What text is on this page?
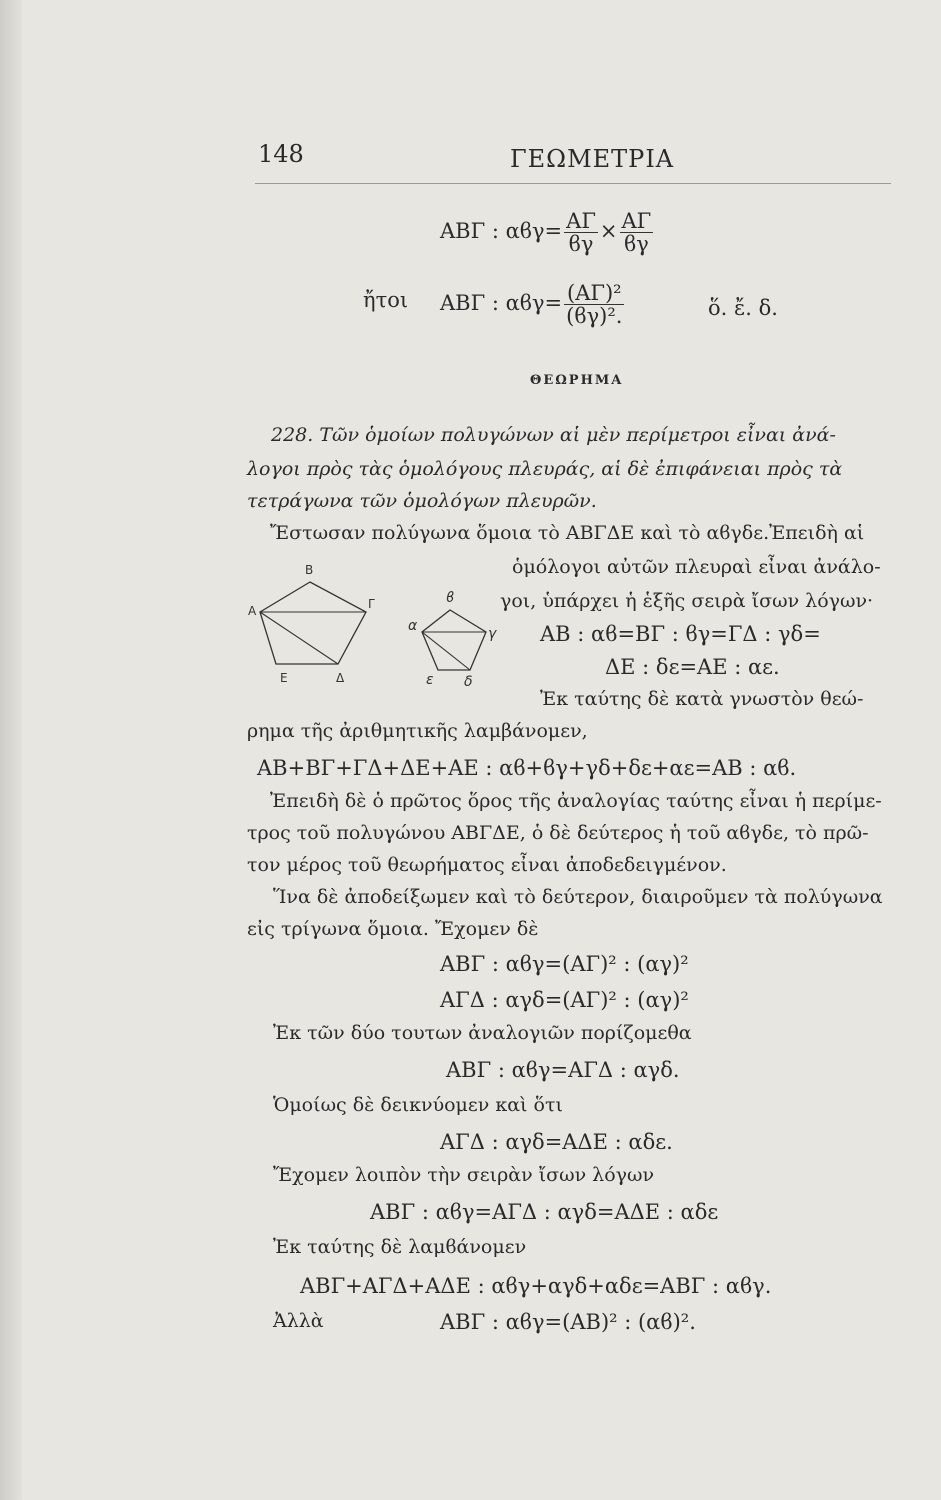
148	ΓΕΩΜΕΤΡΙΑ
ΑΒΓ : $\alpha ϐ\gamma= \frac{A\Gamma}{ϐ\gamma} \times \frac{A\Gamma}{ϐ\gamma}$
ἤτοι ΑΒΓ : $\alpha ϐ\gamma= \frac{\text{(ΑΓ)²}}{\text{(ϐγ)².}}$	ὅ. ἔ. δ.
ΘΕΩΡΗΜΑ
228. Τῶν ὁμοίων πολυγώνων αἱ μὲν περίμετροι εἶναι ἀνά-
λογοι πρὸς τὰς ὁμολόγους πλευράς, αἱ δὲ ἐπιφάνειαι πρὸς τὰ
τετράγωνα τῶν ὁμολόγων πλευρῶν.
Ἔστωσαν πολύγωνα ὅμοια τὸ ΑΒΓΔΕ καὶ τὸ αϐγδε.Ἐπειδὴ αἱ
ὁμόλογοι αὐτῶν πλευραὶ εἶναι ἀνάλο-
γοι, ὑπάρχει ἡ ἑξῆς σειρὰ ἴσων λόγων·
ΑΒ : αϐ=ΒΓ : ϐγ=ΓΔ : γδ=
ΔΕ : δε=ΑΕ : αε.
Ἐκ ταύτης δὲ κατὰ γνωστὸν θεώ-
ρημα τῆς ἀριθμητικῆς λαμβάνομεν,
ΑΒ+ΒΓ+ΓΔ+ΔΕ+ΑΕ : αϐ+ϐγ+γδ+δε+αε=ΑΒ : αϐ.
Ἐπειδὴ δὲ ὁ πρῶτος ὅρος τῆς ἀναλογίας ταύτης εἶναι ἡ περίμε-
τρος τοῦ πολυγώνου ΑΒΓΔΕ, ὁ δὲ δεύτερος ἡ τοῦ αϐγδε, τὸ πρῶ-
τον μέρος τοῦ θεωρήματος εἶναι ἀποδεδειγμένον.
Ἵνα δὲ ἀποδείξωμεν καὶ τὸ δεύτερον, διαιροῦμεν τὰ πολύγωνα
εἰς τρίγωνα ὅμοια. Ἔχομεν δὲ
ΑΒΓ : αϐγ=(ΑΓ)² : (αγ)²
ΑΓΔ : αγδ=(ΑΓ)² : (αγ)²
Ἐκ τῶν δύο τουτων ἀναλογιῶν πορίζομεθα
ΑΒΓ : αϐγ=ΑΓΔ : αγδ.
Ὁμοίως δὲ δεικνύομεν καὶ ὅτι
ΑΓΔ : αγδ=ΑΔΕ : αδε.
Ἔχομεν λοιπὸν τὴν σειρὰν ἴσων λόγων
ΑΒΓ : αϐγ=ΑΓΔ : αγδ=ΑΔΕ : αδε
Ἐκ ταύτης δὲ λαμϐάνομεν
ΑΒΓ+ΑΓΔ+ΑΔΕ : αϐγ+αγδ+αδε=ΑΒΓ : αϐγ.
Ἀλλὰ	ΑΒΓ : αϐγ=(ΑΒ)² : (αϐ)².
Β
Α	Γ
Ε	Δ
ϐ
α	γ
ε δ
